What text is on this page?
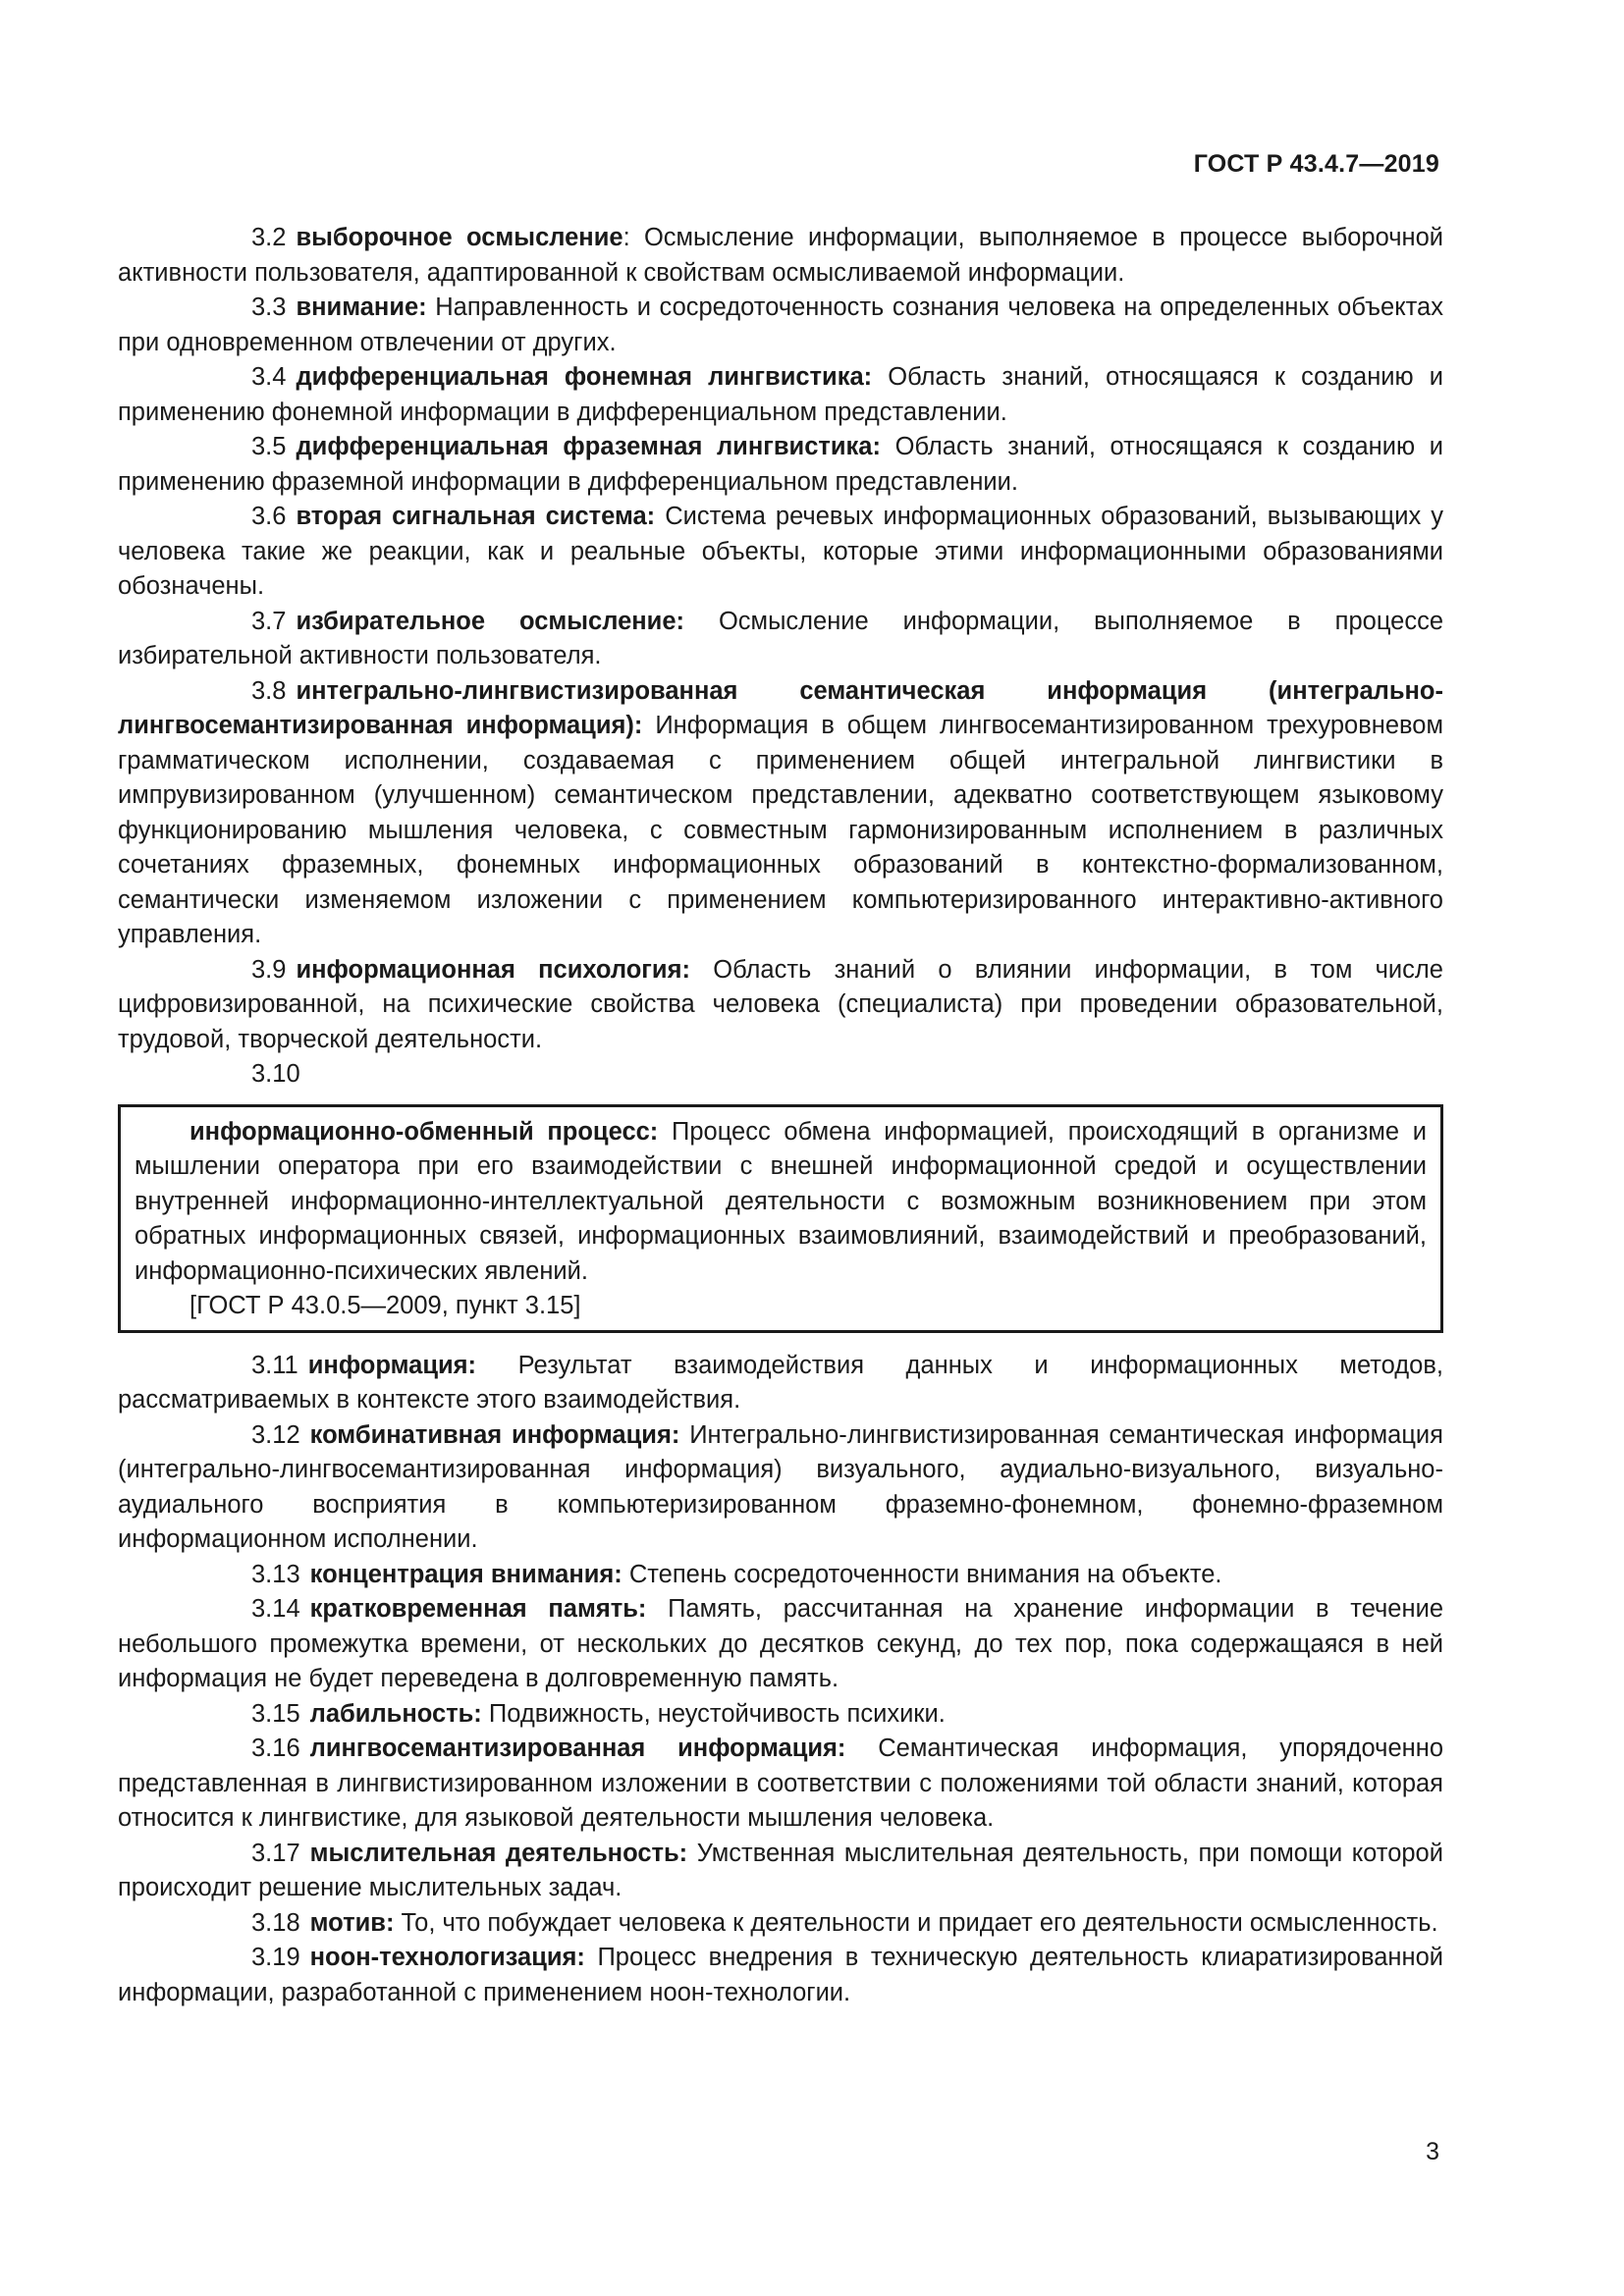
ГОСТ Р 43.4.7—2019

3.2 выборочное осмысление: Осмысление информации, выполняемое в процессе выборочной активности пользователя, адаптированной к свойствам осмысливаемой информации.

3.3 внимание: Направленность и сосредоточенность сознания человека на определенных объектах при одновременном отвлечении от других.

3.4 дифференциальная фонемная лингвистика: Область знаний, относящаяся к созданию и применению фонемной информации в дифференциальном представлении.

3.5 дифференциальная фраземная лингвистика: Область знаний, относящаяся к созданию и применению фраземной информации в дифференциальном представлении.

3.6 вторая сигнальная система: Система речевых информационных образований, вызывающих у человека такие же реакции, как и реальные объекты, которые этими информационными образованиями обозначены.

3.7 избирательное осмысление: Осмысление информации, выполняемое в процессе избирательной активности пользователя.

3.8 интегрально-лингвистизированная семантическая информация (интегрально-лингвосемантизированная информация): Информация в общем лингвосемантизированном трехуровневом грамматическом исполнении, создаваемая с применением общей интегральной лингвистики в импрувизированном (улучшенном) семантическом представлении, адекватно соответствующем языковому функционированию мышления человека, с совместным гармонизированным исполнением в различных сочетаниях фраземных, фонемных информационных образований в контекстно-формализованном, семантически изменяемом изложении с применением компьютеризированного интерактивно-активного управления.

3.9 информационная психология: Область знаний о влиянии информации, в том числе цифровизированной, на психические свойства человека (специалиста) при проведении образовательной, трудовой, творческой деятельности.

3.10

информационно-обменный процесс: Процесс обмена информацией, происходящий в организме и мышлении оператора при его взаимодействии с внешней информационной средой и осуществлении внутренней информационно-интеллектуальной деятельности с возможным возникновением при этом обратных информационных связей, информационных взаимовлияний, взаимодействий и преобразований, информационно-психических явлений.

[ГОСТ Р 43.0.5—2009, пункт 3.15]

3.11 информация: Результат взаимодействия данных и информационных методов, рассматриваемых в контексте этого взаимодействия.

3.12 комбинативная информация: Интегрально-лингвистизированная семантическая информация (интегрально-лингвосемантизированная информация) визуального, аудиально-визуального, визуально-аудиального восприятия в компьютеризированном фраземно-фонемном, фонемно-фраземном информационном исполнении.

3.13 концентрация внимания: Степень сосредоточенности внимания на объекте.

3.14 кратковременная память: Память, рассчитанная на хранение информации в течение небольшого промежутка времени, от нескольких до десятков секунд, до тех пор, пока содержащаяся в ней информация не будет переведена в долговременную память.

3.15 лабильность: Подвижность, неустойчивость психики.

3.16 лингвосемантизированная информация: Семантическая информация, упорядоченно представленная в лингвистизированном изложении в соответствии с положениями той области знаний, которая относится к лингвистике, для языковой деятельности мышления человека.

3.17 мыслительная деятельность: Умственная мыслительная деятельность, при помощи которой происходит решение мыслительных задач.

3.18 мотив: То, что побуждает человека к деятельности и придает его деятельности осмысленность.

3.19 ноон-технологизация: Процесс внедрения в техническую деятельность клиаратизированной информации, разработанной с применением ноон-технологии.

3
